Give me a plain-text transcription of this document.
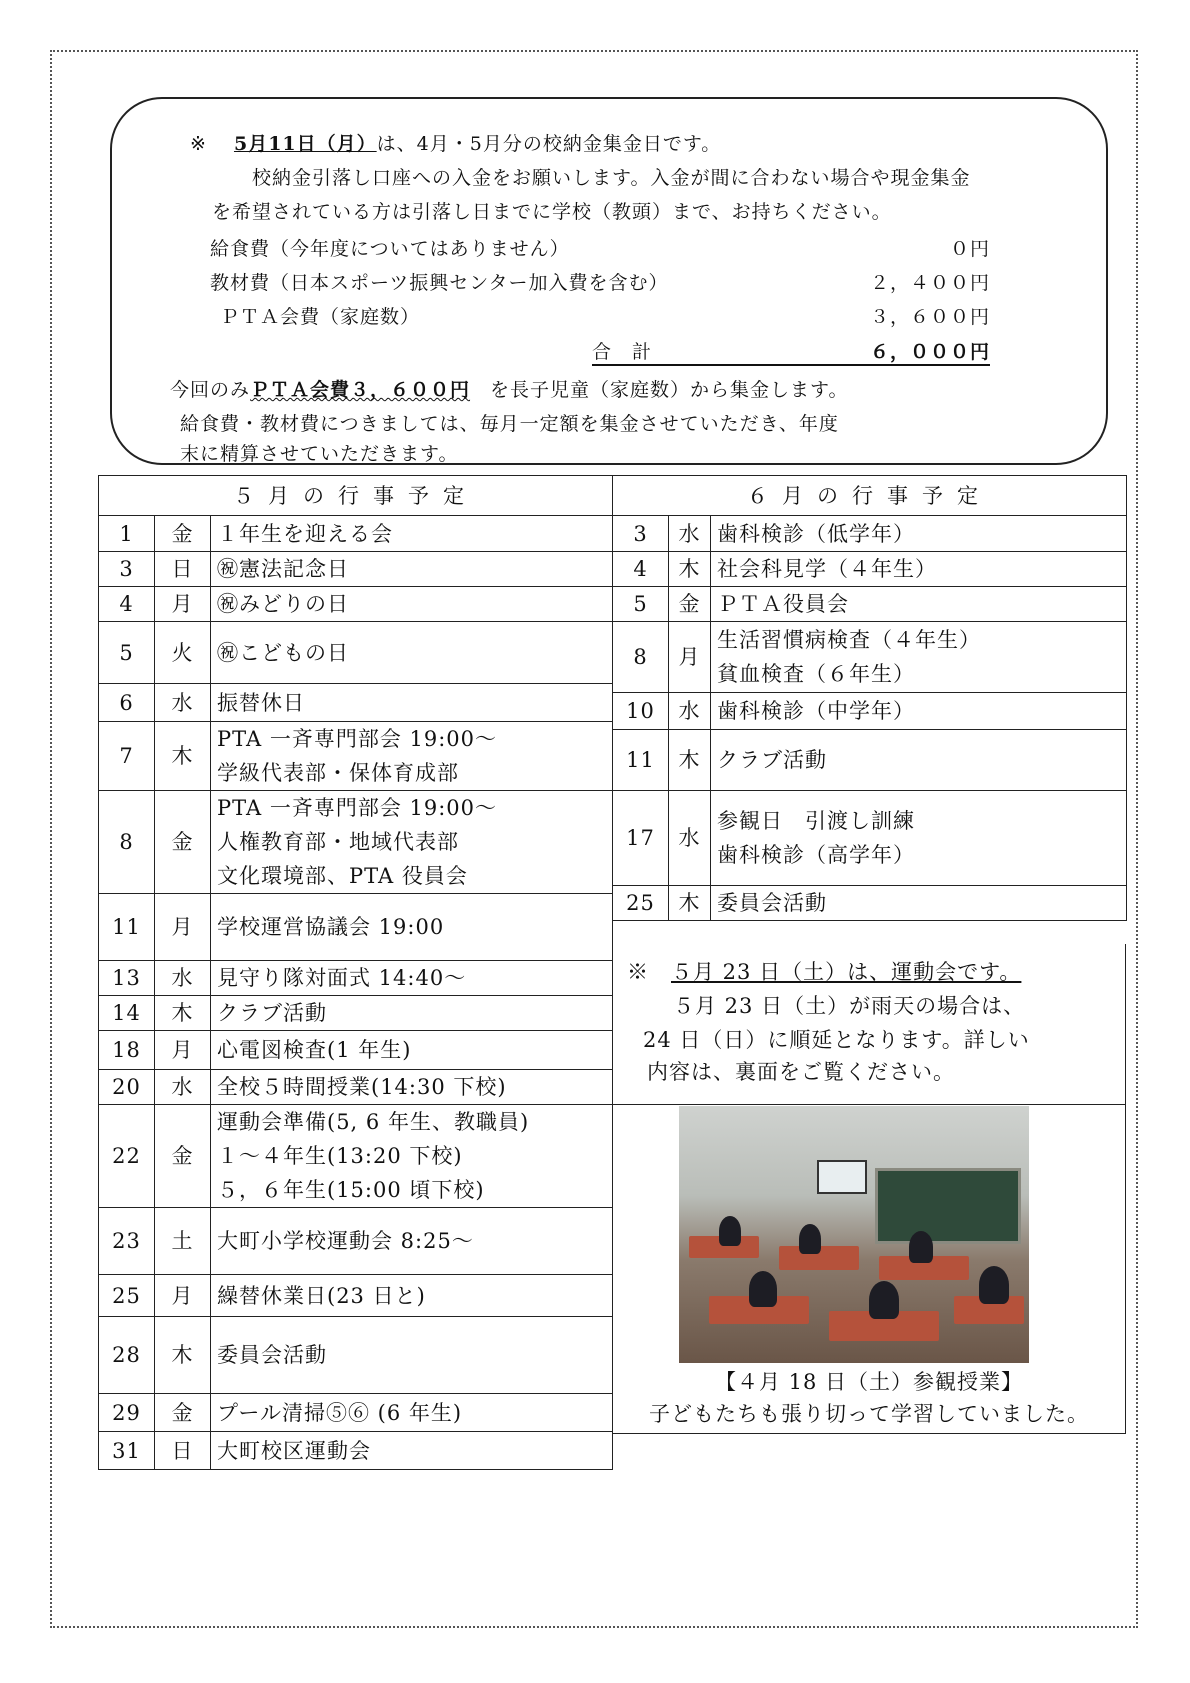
※　 5月11日（月）は、4月・5月分の校納金集金日です。
校納金引落し口座への入金をお願いします。入金が間に合わない場合や現金集金
を希望されている方は引落し日までに学校（教頭）まで、お持ちください。
給食費（今年度についてはありません）	０円
教材費（日本スポーツ振興センター加入費を含む）	２，４００円
ＰＴＡ会費（家庭数）	３，６００円
合　計	６，０００円
今回のみＰＴＡ会費３，６００円　 を長子児童（家庭数）から集金します。
給食費・教材費につきましては、毎月一定額を集金させていただき、年度
末に精算させていただきます。
５月の行事予定		
1	金	１年生を迎える会

3	日	㊗憲法記念日

4	月	㊗みどりの日

5	火	㊗こどもの日

6	水	振替休日

7	木	PTA 一斉専門部会 19:00～
学級代表部・保体育成部

8	金	PTA 一斉専門部会 19:00～
人権教育部・地域代表部
文化環境部、PTA 役員会

11	月	学校運営協議会 19:00

13	水	見守り隊対面式 14:40～

14	木	クラブ活動

18	月	心電図検査(1 年生)

20	水	全校５時間授業(14:30 下校)

22	金	運動会準備(5, 6 年生、教職員)
１～４年生(13:20 下校)
５，６年生(15:00 頃下校)

23	土	大町小学校運動会 8:25～

25	月	繰替休業日(23 日と)

28	木	委員会活動

29	金	プール清掃⑤⑥ (6 年生)

31	日	大町校区運動会
６月の行事予定		
3	水	歯科検診（低学年）

4	木	社会科見学（４年生）

5	金	ＰＴＡ役員会

8	月	生活習慣病検査（４年生）
貧血検査（６年生）

10	水	歯科検診（中学年）

11	木	クラブ活動

17	水	参観日　引渡し訓練
歯科検診（高学年）

25	木	委員会活動
※　 ５月 23 日（土）は、運動会です。
５月 23 日（土）が雨天の場合は、
24 日（日）に順延となります。詳しい
内容は、裏面をご覧ください。
【４月 18 日（土）参観授業】
子どもたちも張り切って学習していました。
